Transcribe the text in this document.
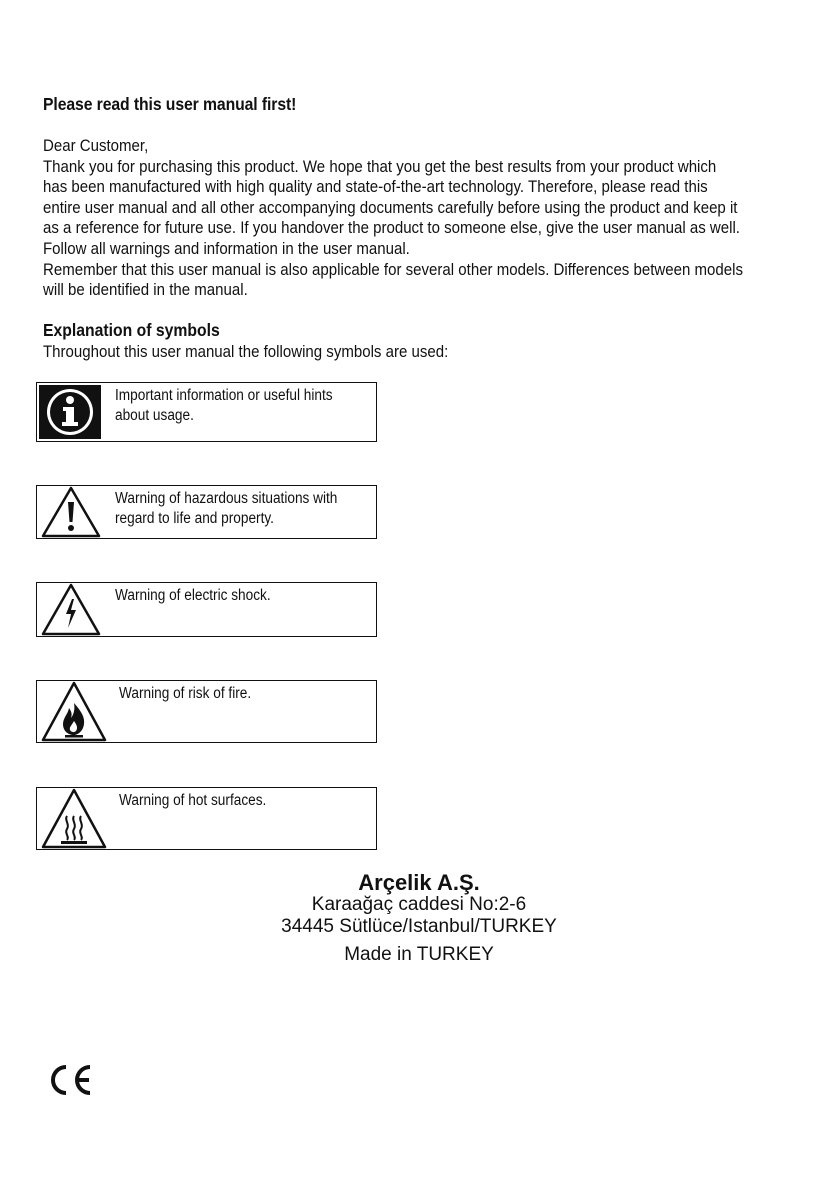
Please read this user manual first!

Dear Customer,

Thank you for purchasing this product. We hope that you get the best results from your product which

has been manufactured with high quality and state-of-the-art technology. Therefore, please read this

entire user manual and all other accompanying documents carefully before using the product and keep it

as a reference for future use. If you handover the product to someone else, give the user manual as well.

Follow all warnings and information in the user manual.

Remember that this user manual is also applicable for several other models. Differences between models

will be identified in the manual.

Explanation of symbols
Throughout this user manual the following symbols are used:
Important information or useful hints
about usage.
Warning of hazardous situations with
regard to life and property.
Warning of electric shock.
Warning of risk of fire.
Warning of hot surfaces.
Arçelik A.Ş.
Karaağaç caddesi No:2-6
34445 Sütlüce/Istanbul/TURKEY
Made in TURKEY
